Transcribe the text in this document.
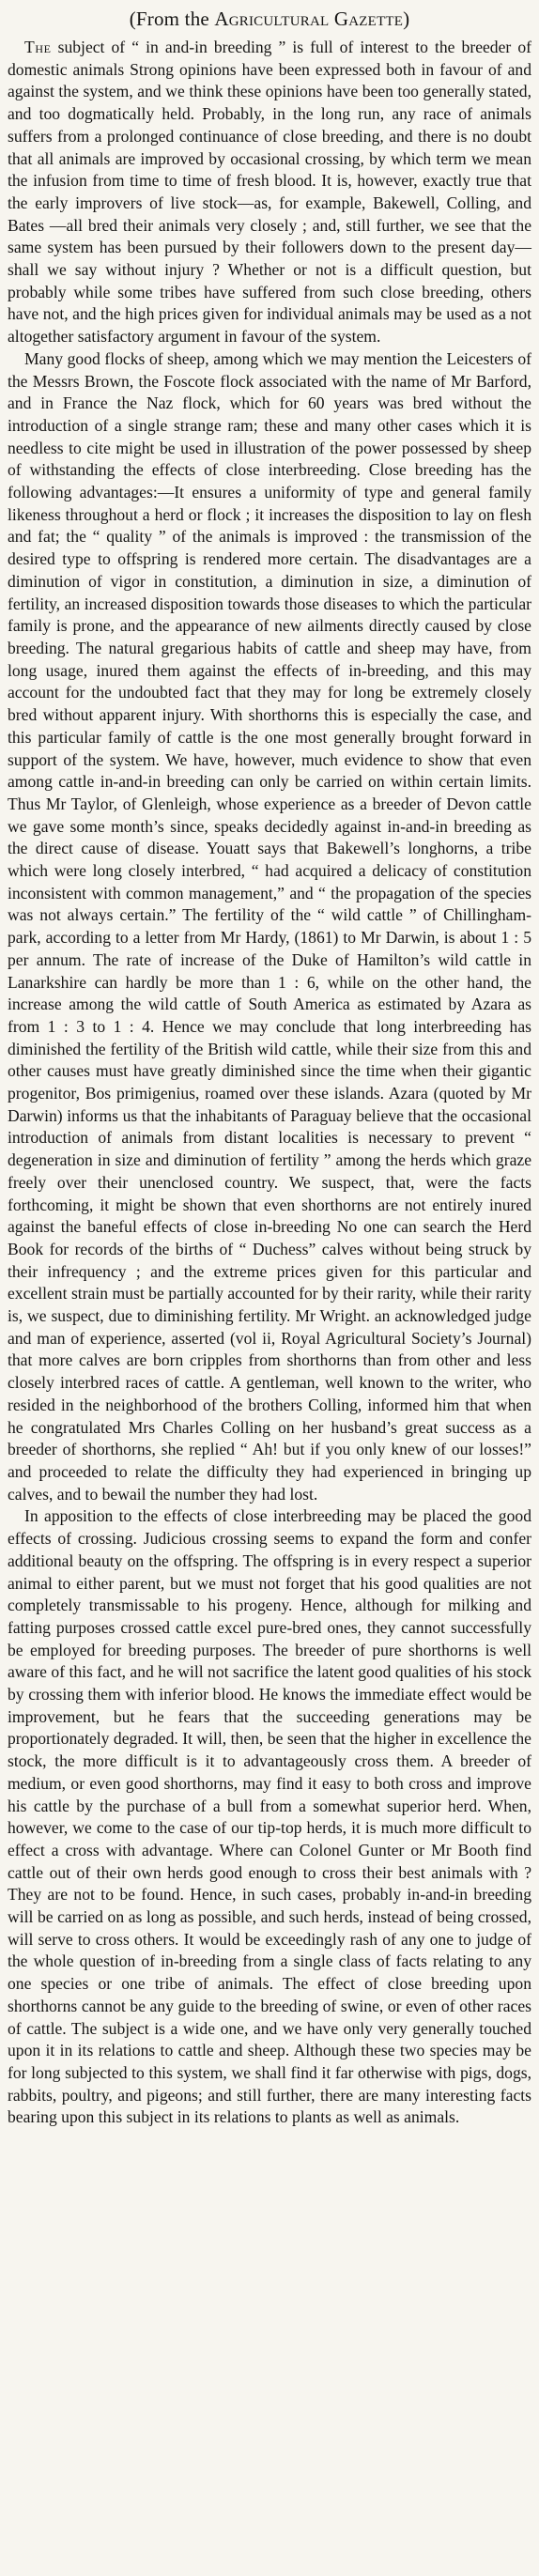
(From the Agricultural Gazette)

The subject of “ in and-in breeding ” is full of interest to the breeder of domestic animals Strong opinions have been expressed both in favour of and against the system, and we think these opinions have been too generally stated, and too dogmatically held. Probably, in the long run, any race of animals suffers from a prolonged continuance of close breeding, and there is no doubt that all animals are improved by occasional crossing, by which term we mean the infusion from time to time of fresh blood. It is, however, exactly true that the early improvers of live stock—as, for example, Bakewell, Colling, and Bates —all bred their animals very closely ; and, still further, we see that the same system has been pursued by their followers down to the present day—shall we say without injury ? Whether or not is a difficult question, but probably while some tribes have suffered from such close breeding, others have not, and the high prices given for individual animals may be used as a not altogether satisfactory argument in favour of the system.

Many good flocks of sheep, among which we may mention the Leicesters of the Messrs Brown, the Foscote flock associated with the name of Mr Barford, and in France the Naz flock, which for 60 years was bred without the introduction of a single strange ram; these and many other cases which it is needless to cite might be used in illustration of the power possessed by sheep of withstanding the effects of close interbreeding. Close breeding has the following advantages:—It ensures a uniformity of type and general family likeness throughout a herd or flock ; it increases the disposition to lay on flesh and fat; the “ quality ” of the animals is improved : the transmission of the desired type to offspring is rendered more certain. The disadvantages are a diminution of vigor in constitution, a diminution in size, a diminution of fertility, an increased disposition towards those diseases to which the particular family is prone, and the appearance of new ailments directly caused by close breeding. The natural gregarious habits of cattle and sheep may have, from long usage, inured them against the effects of in-breeding, and this may account for the undoubted fact that they may for long be extremely closely bred without apparent injury. With shorthorns this is especially the case, and this particular family of cattle is the one most generally brought forward in support of the system. We have, however, much evidence to show that even among cattle in-and-in breeding can only be carried on within certain limits. Thus Mr Taylor, of Glenleigh, whose experience as a breeder of Devon cattle we gave some month’s since, speaks decidedly against in-and-in breeding as the direct cause of disease. Youatt says that Bakewell’s longhorns, a tribe which were long closely interbred, “ had acquired a delicacy of constitution inconsistent with common management,” and “ the propagation of the species was not always certain.” The fertility of the “ wild cattle ” of Chillingham-park, according to a letter from Mr Hardy, (1861) to Mr Darwin, is about 1 : 5 per annum. The rate of increase of the Duke of Hamilton’s wild cattle in Lanarkshire can hardly be more than 1 : 6, while on the other hand, the increase among the wild cattle of South America as estimated by Azara as from 1 : 3 to 1 : 4. Hence we may conclude that long interbreeding has diminished the fertility of the British wild cattle, while their size from this and other causes must have greatly diminished since the time when their gigantic progenitor, Bos primigenius, roamed over these islands. Azara (quoted by Mr Darwin) informs us that the inhabitants of Paraguay believe that the occasional introduction of animals from distant localities is necessary to prevent “ degeneration in size and diminution of fertility ” among the herds which graze freely over their unenclosed country. We suspect, that, were the facts forthcoming, it might be shown that even shorthorns are not entirely inured against the baneful effects of close in-breeding No one can search the Herd Book for records of the births of “ Duchess” calves without being struck by their infrequency ; and the extreme prices given for this particular and excellent strain must be partially accounted for by their rarity, while their rarity is, we suspect, due to diminishing fertility. Mr Wright. an acknowledged judge and man of experience, asserted (vol ii, Royal Agricultural Society’s Journal) that more calves are born cripples from shorthorns than from other and less closely interbred races of cattle. A gentleman, well known to the writer, who resided in the neighborhood of the brothers Colling, informed him that when he congratulated Mrs Charles Colling on her husband’s great success as a breeder of shorthorns, she replied “ Ah! but if you only knew of our losses!” and proceeded to relate the difficulty they had experienced in bringing up calves, and to bewail the number they had lost.

In apposition to the effects of close interbreeding may be placed the good effects of crossing. Judicious crossing seems to expand the form and confer additional beauty on the offspring. The offspring is in every respect a superior animal to either parent, but we must not forget that his good qualities are not completely transmissable to his progeny. Hence, although for milking and fatting purposes crossed cattle excel pure-bred ones, they cannot successfully be employed for breeding purposes. The breeder of pure shorthorns is well aware of this fact, and he will not sacrifice the latent good qualities of his stock by crossing them with inferior blood. He knows the immediate effect would be improvement, but he fears that the succeeding generations may be proportionately degraded. It will, then, be seen that the higher in excellence the stock, the more difficult is it to advantageously cross them. A breeder of medium, or even good shorthorns, may find it easy to both cross and improve his cattle by the purchase of a bull from a somewhat superior herd. When, however, we come to the case of our tip-top herds, it is much more difficult to effect a cross with advantage. Where can Colonel Gunter or Mr Booth find cattle out of their own herds good enough to cross their best animals with ? They are not to be found. Hence, in such cases, probably in-and-in breeding will be carried on as long as possible, and such herds, instead of being crossed, will serve to cross others. It would be exceedingly rash of any one to judge of the whole question of in-breeding from a single class of facts relating to any one species or one tribe of animals. The effect of close breeding upon shorthorns cannot be any guide to the breeding of swine, or even of other races of cattle. The subject is a wide one, and we have only very generally touched upon it in its relations to cattle and sheep. Although these two species may be for long subjected to this system, we shall find it far otherwise with pigs, dogs, rabbits, poultry, and pigeons; and still further, there are many interesting facts bearing upon this subject in its relations to plants as well as animals.
